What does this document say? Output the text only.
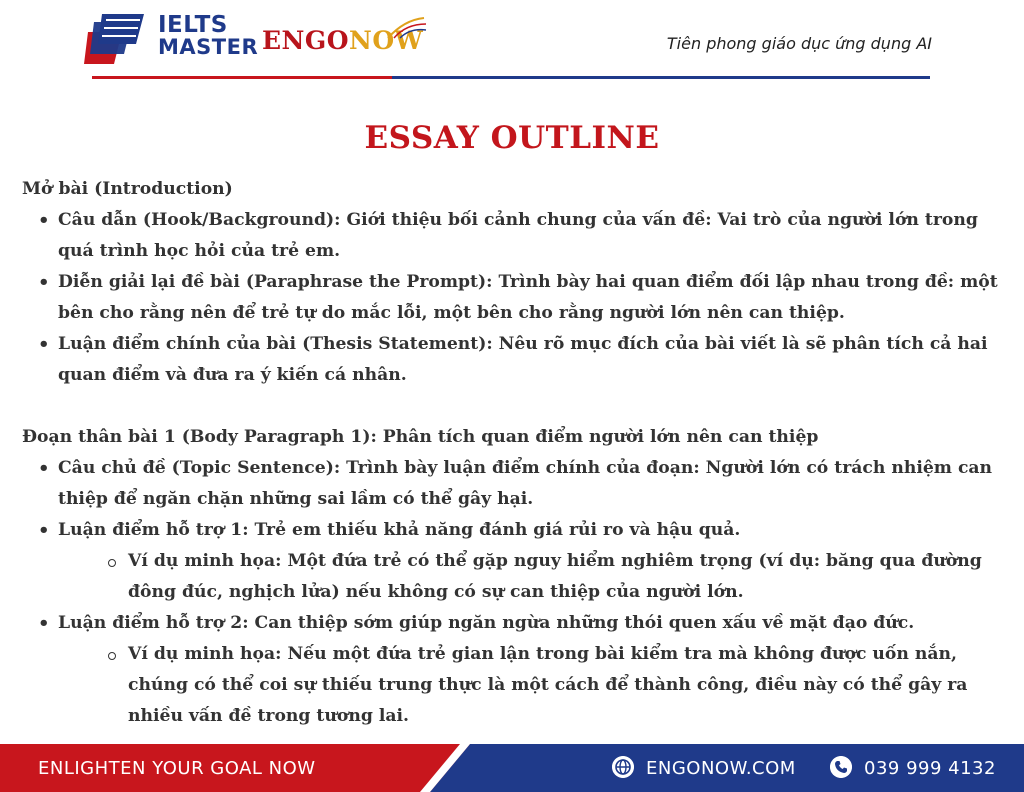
IELTS
MASTER ENGONOW	Tiên phong giáo dục ứng dụng AI
ESSAY OUTLINE

Mở bài (Introduction)

• Câu dẫn (Hook/Background): Giới thiệu bối cảnh chung của vấn đề: Vai trò của người lớn trong quá trình học hỏi của trẻ em.
• Diễn giải lại đề bài (Paraphrase the Prompt): Trình bày hai quan điểm đối lập nhau trong đề: một bên cho rằng nên để trẻ tự do mắc lỗi, một bên cho rằng người lớn nên can thiệp.
• Luận điểm chính của bài (Thesis Statement): Nêu rõ mục đích của bài viết là sẽ phân tích cả hai quan điểm và đưa ra ý kiến cá nhân.

Đoạn thân bài 1 (Body Paragraph 1): Phân tích quan điểm người lớn nên can thiệp

• Câu chủ đề (Topic Sentence): Trình bày luận điểm chính của đoạn: Người lớn có trách nhiệm can thiệp để ngăn chặn những sai lầm có thể gây hại.
• Luận điểm hỗ trợ 1: Trẻ em thiếu khả năng đánh giá rủi ro và hậu quả.
Ví dụ minh họa: Một đứa trẻ có thể gặp nguy hiểm nghiêm trọng (ví dụ: băng qua đường đông đúc, nghịch lửa) nếu không có sự can thiệp của người lớn.
• Luận điểm hỗ trợ 2: Can thiệp sớm giúp ngăn ngừa những thói quen xấu về mặt đạo đức.
Ví dụ minh họa: Nếu một đứa trẻ gian lận trong bài kiểm tra mà không được uốn nắn, chúng có thể coi sự thiếu trung thực là một cách để thành công, điều này có thể gây ra nhiều vấn đề trong tương lai.
ENLIGHTEN YOUR GOAL NOW	ENGONOW.COM	039 999 4132
